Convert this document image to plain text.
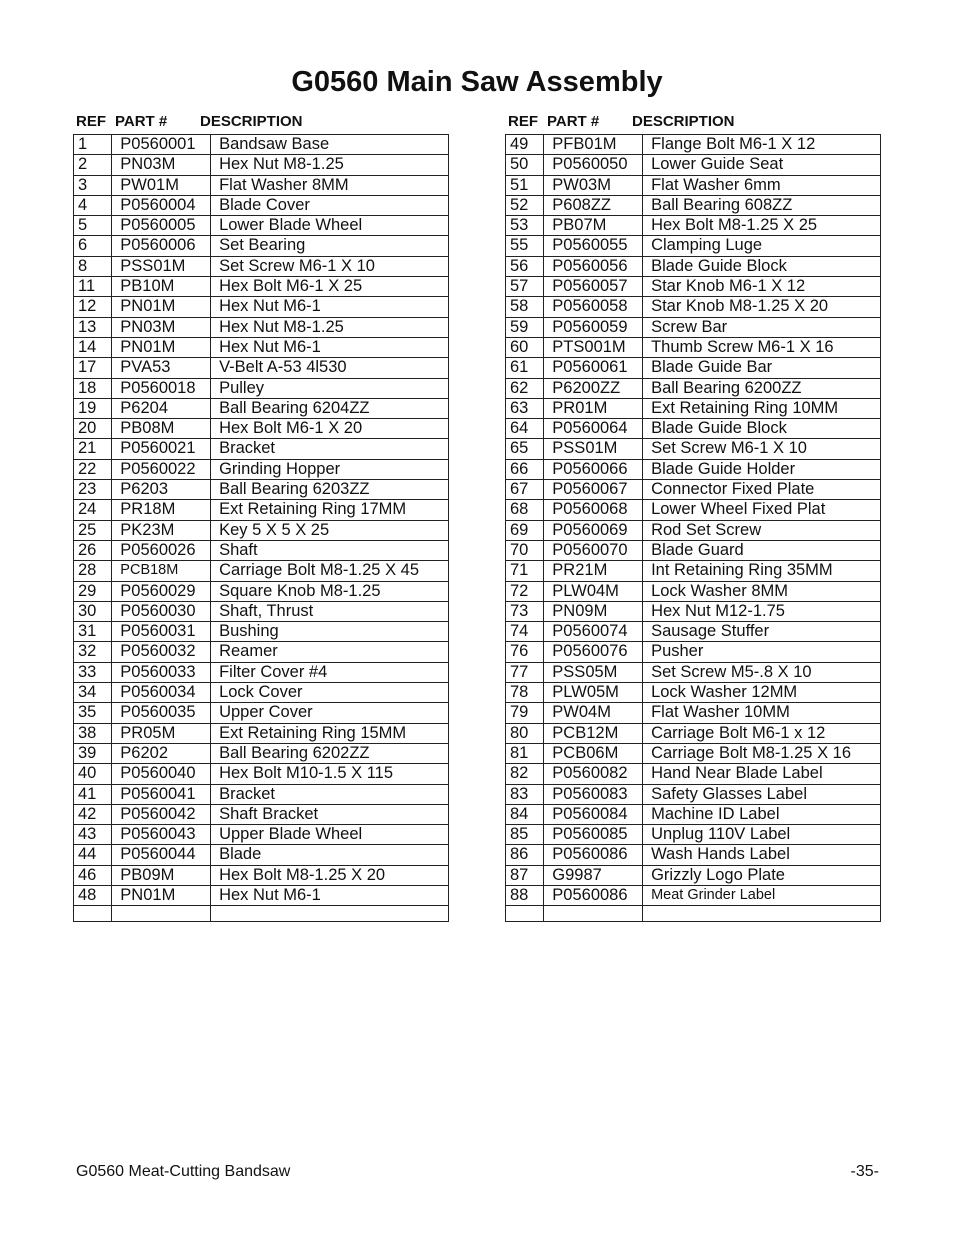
G0560 Main Saw Assembly
REF PART # DESCRIPTION	REF PART # DESCRIPTION
1	P0560001	Bandsaw Base
2	PN03M	Hex Nut M8-1.25
3	PW01M	Flat Washer 8MM
4	P0560004	Blade Cover
5	P0560005	Lower Blade Wheel
6	P0560006	Set Bearing
8	PSS01M	Set Screw M6-1 X 10
11	PB10M	Hex Bolt M6-1 X 25
12	PN01M	Hex Nut M6-1
13	PN03M	Hex Nut M8-1.25
14	PN01M	Hex Nut M6-1
17	PVA53	V-Belt A-53 4l530
18	P0560018	Pulley
19	P6204	Ball Bearing 6204ZZ
20	PB08M	Hex Bolt M6-1 X 20
21	P0560021	Bracket
22	P0560022	Grinding Hopper
23	P6203	Ball Bearing 6203ZZ
24	PR18M	Ext Retaining Ring 17MM
25	PK23M	Key 5 X 5 X 25
26	P0560026	Shaft
28	PCB18M	Carriage Bolt M8-1.25 X 45
29	P0560029	Square Knob M8-1.25
30	P0560030	Shaft, Thrust
31	P0560031	Bushing
32	P0560032	Reamer
33	P0560033	Filter Cover #4
34	P0560034	Lock Cover
35	P0560035	Upper Cover
38	PR05M	Ext Retaining Ring 15MM
39	P6202	Ball Bearing 6202ZZ
40	P0560040	Hex Bolt M10-1.5 X 115
41	P0560041	Bracket
42	P0560042	Shaft Bracket
43	P0560043	Upper Blade Wheel
44	P0560044	Blade
46	PB09M	Hex Bolt M8-1.25 X 20
48	PN01M	Hex Nut M6-1

49	PFB01M	Flange Bolt M6-1 X 12
50	P0560050	Lower Guide Seat
51	PW03M	Flat Washer 6mm
52	P608ZZ	Ball Bearing 608ZZ
53	PB07M	Hex Bolt M8-1.25 X 25
55	P0560055	Clamping Luge
56	P0560056	Blade Guide Block
57	P0560057	Star Knob M6-1 X 12
58	P0560058	Star Knob M8-1.25 X 20
59	P0560059	Screw Bar
60	PTS001M	Thumb Screw M6-1 X 16
61	P0560061	Blade Guide Bar
62	P6200ZZ	Ball Bearing 6200ZZ
63	PR01M	Ext Retaining Ring 10MM
64	P0560064	Blade Guide Block
65	PSS01M	Set Screw M6-1 X 10
66	P0560066	Blade Guide Holder
67	P0560067	Connector Fixed Plate
68	P0560068	Lower Wheel Fixed Plat
69	P0560069	Rod Set Screw
70	P0560070	Blade Guard
71	PR21M	Int Retaining Ring 35MM
72	PLW04M	Lock Washer 8MM
73	PN09M	Hex Nut M12-1.75
74	P0560074	Sausage Stuffer
76	P0560076	Pusher
77	PSS05M	Set Screw M5-.8 X 10
78	PLW05M	Lock Washer 12MM
79	PW04M	Flat Washer 10MM
80	PCB12M	Carriage Bolt M6-1 x 12
81	PCB06M	Carriage Bolt M8-1.25 X 16
82	P0560082	Hand Near Blade Label
83	P0560083	Safety Glasses Label
84	P0560084	Machine ID Label
85	P0560085	Unplug 110V Label
86	P0560086	Wash Hands Label
87	G9987	Grizzly Logo Plate
88	P0560086	Meat Grinder Label

G0560 Meat-Cutting Bandsaw	-35-
